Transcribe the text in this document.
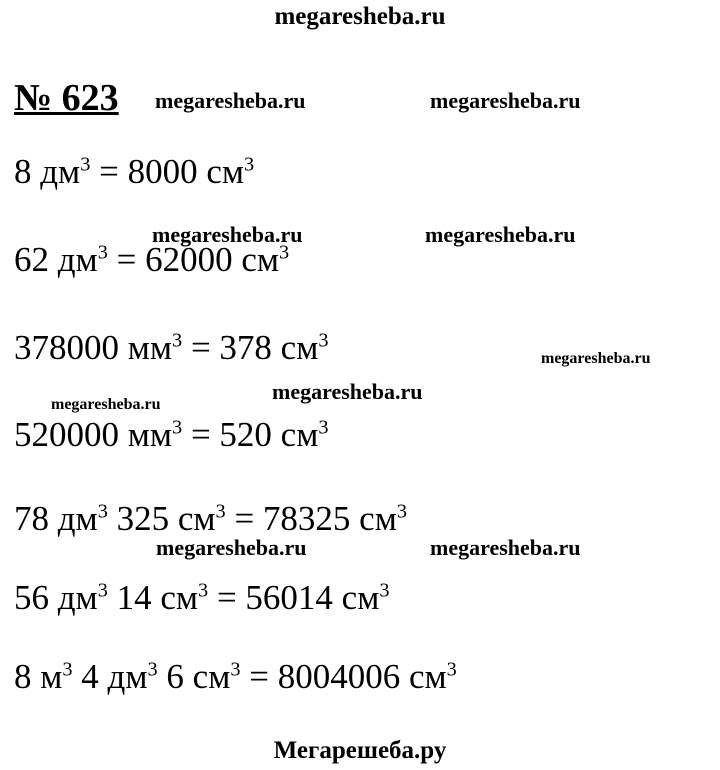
megaresheba.ru
№ 623
8 $дм^3 = 8000$ $см^3$
62 $дм^3 = 62000$ $см^3$
378000 $мм^3 = 378$ $см^3$
520000 $мм^3 = 520$ $см^3$
78 $дм^3$ 325 $см^3 = 78325$ $см^3$
56 $дм^3$ 14 $см^3 = 56014$ $см^3$
8 $м^3$ 4 $дм^3$ 6 $см^3 = 8004006$ $см^3$
megaresheba.ru	megaresheba.ru
megaresheba.ru	megaresheba.ru
megaresheba.ru
megaresheba.ru
megaresheba.ru
megaresheba.ru	megaresheba.ru
Мегарешеба.ру
